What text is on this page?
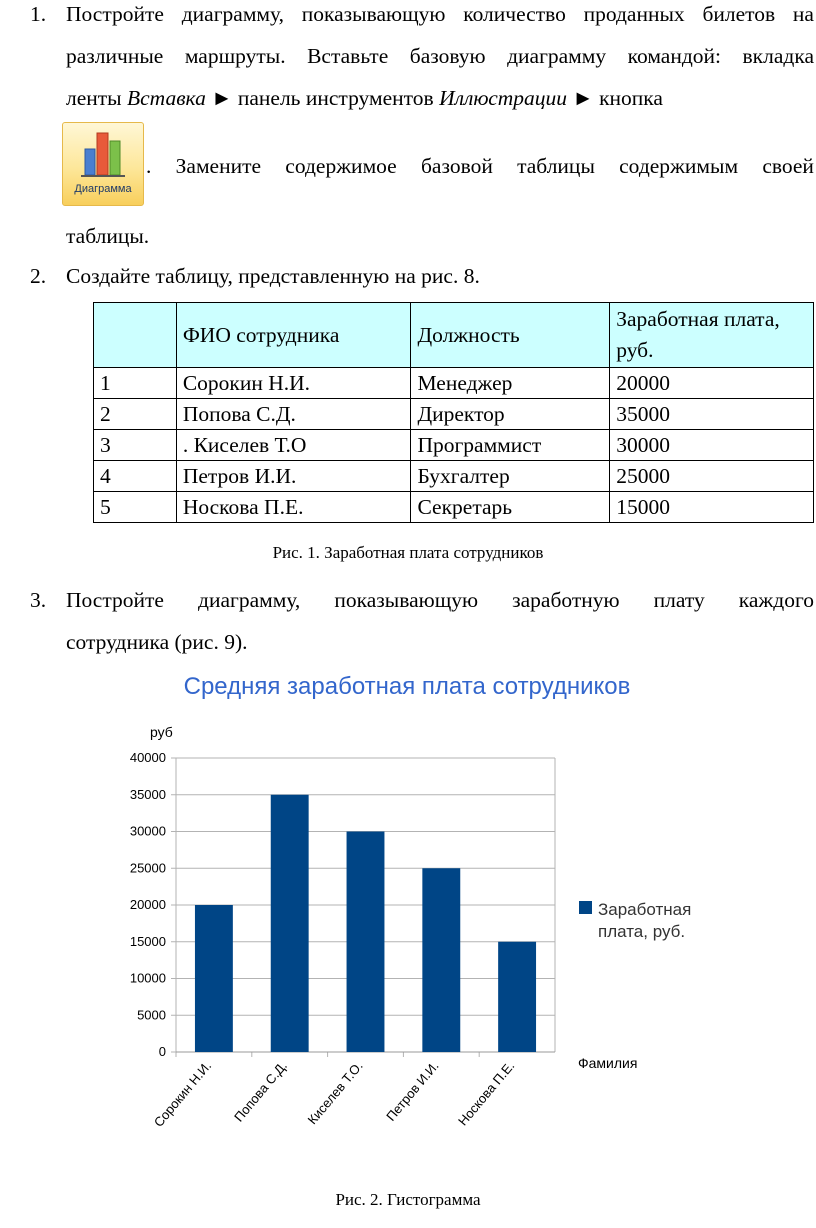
1. Постройте диаграмму, показывающую количество проданных билетов на
различные маршруты. Вставьте базовую диаграмму командой: вкладка
ленты Вставка ► панель инструментов Иллюстрации ► кнопка
Диаграмма
. Замените содержимое базовой таблицы содержимым своей
таблицы.
2. Создайте таблицу, представленную на рис. 8.
	ФИО сотрудника	Должность	Заработная плата,
руб.

1	Сорокин Н.И.	Менеджер	20000
2	Попова С.Д.	Директор	35000
3	. Киселев Т.О	Программист	30000
4	Петров И.И.	Бухгалтер	25000
5	Носкова П.Е.	Секретарь	15000
Рис. 1. Заработная плата сотрудников
3. Постройте диаграмму, показывающую заработную плату каждого
сотрудника (рис. 9).
Средняя заработная плата сотрудников
руб
Фамилия
0
5000
10000
15000
20000
25000
30000
35000
40000
Сорокин Н.И. Попова С.Д. Киселев Т.О. Петров И.И. Носкова П.Е.
Заработная
плата, руб.
Рис. 2. Гистограмма
